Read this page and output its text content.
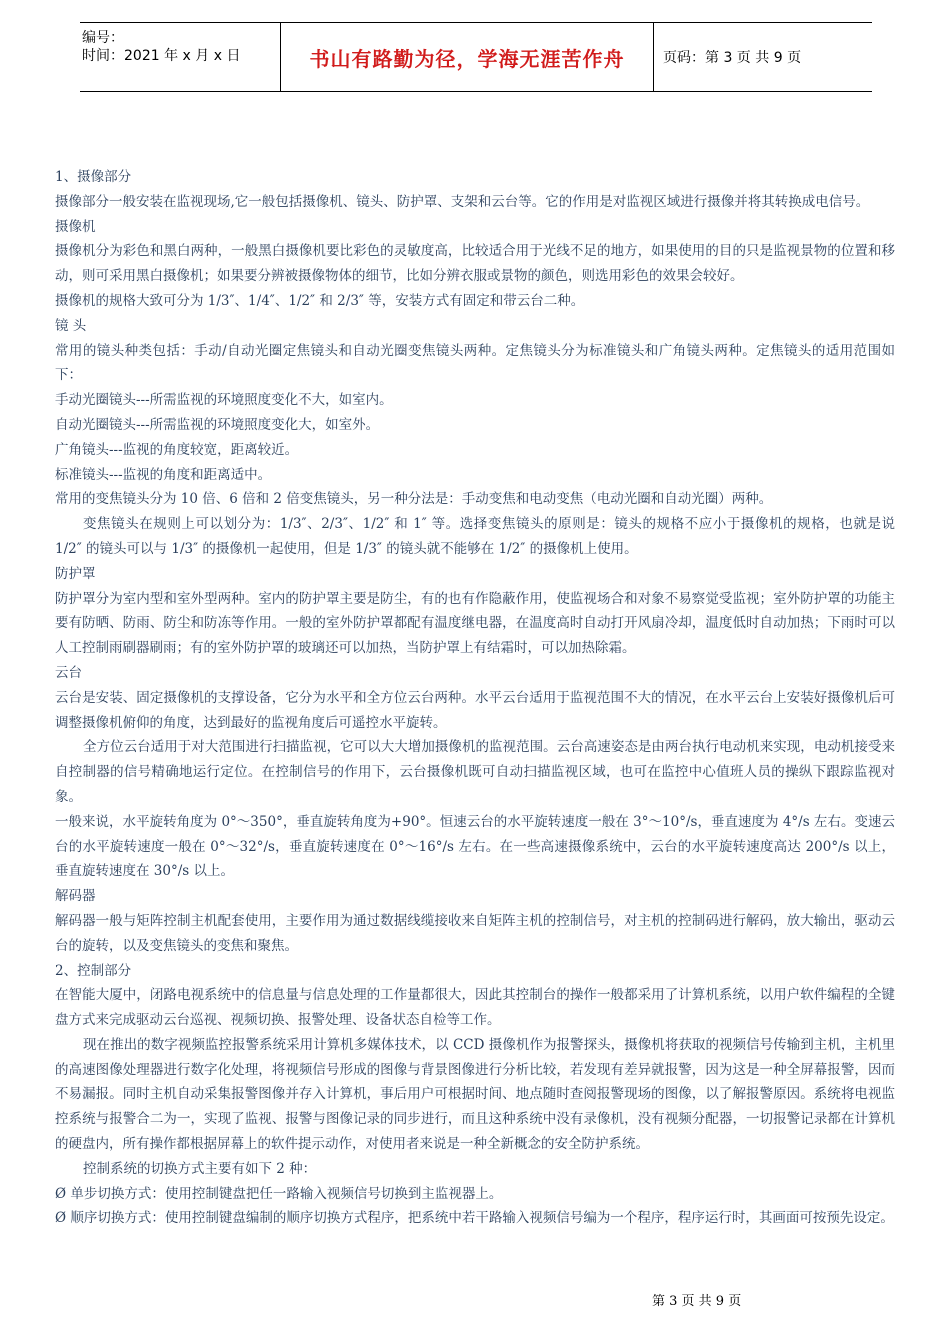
编号：
时间：2021 年 x 月 x 日	书山有路勤为径，学海无涯苦作舟	页码：第 3 页 共 9 页

1、摄像部分

摄像部分一般安装在监视现场,它一般包括摄像机、镜头、防护罩、支架和云台等。它的作用是对监视区域进行摄像并将其转换成电信号。

摄像机

摄像机分为彩色和黑白两种，一般黑白摄像机要比彩色的灵敏度高，比较适合用于光线不足的地方，如果使用的目的只是监视景物的位置和移动，则可采用黑白摄像机；如果要分辨被摄像物体的细节，比如分辨衣服或景物的颜色，则选用彩色的效果会较好。

摄像机的规格大致可分为 1/3″、1/4″、1/2″ 和 2/3″ 等，安装方式有固定和带云台二种。

镜 头

常用的镜头种类包括：手动/自动光圈定焦镜头和自动光圈变焦镜头两种。定焦镜头分为标准镜头和广角镜头两种。定焦镜头的适用范围如下：

手动光圈镜头---所需监视的环境照度变化不大，如室内。

自动光圈镜头---所需监视的环境照度变化大，如室外。

广角镜头---监视的角度较宽，距离较近。

标准镜头---监视的角度和距离适中。

常用的变焦镜头分为 10 倍、6 倍和 2 倍变焦镜头，另一种分法是：手动变焦和电动变焦（电动光圈和自动光圈）两种。

变焦镜头在规则上可以划分为：1/3″、2/3″、1/2″ 和 1″ 等。选择变焦镜头的原则是：镜头的规格不应小于摄像机的规格，也就是说 1/2″ 的镜头可以与 1/3″ 的摄像机一起使用，但是 1/3″ 的镜头就不能够在 1/2″ 的摄像机上使用。

防护罩

防护罩分为室内型和室外型两种。室内的防护罩主要是防尘，有的也有作隐蔽作用，使监视场合和对象不易察觉受监视；室外防护罩的功能主要有防晒、防雨、防尘和防冻等作用。一般的室外防护罩都配有温度继电器，在温度高时自动打开风扇冷却，温度低时自动加热；下雨时可以人工控制雨刷器刷雨；有的室外防护罩的玻璃还可以加热，当防护罩上有结霜时，可以加热除霜。

云台

云台是安装、固定摄像机的支撑设备，它分为水平和全方位云台两种。水平云台适用于监视范围不大的情况，在水平云台上安装好摄像机后可调整摄像机俯仰的角度，达到最好的监视角度后可遥控水平旋转。

全方位云台适用于对大范围进行扫描监视，它可以大大增加摄像机的监视范围。云台高速姿态是由两台执行电动机来实现，电动机接受来自控制器的信号精确地运行定位。在控制信号的作用下，云台摄像机既可自动扫描监视区域，也可在监控中心值班人员的操纵下跟踪监视对象。

一般来说，水平旋转角度为 0°～350°，垂直旋转角度为+90°。恒速云台的水平旋转速度一般在 3°～10°/s，垂直速度为 4°/s 左右。变速云台的水平旋转速度一般在 0°～32°/s，垂直旋转速度在 0°～16°/s 左右。在一些高速摄像系统中，云台的水平旋转速度高达 200°/s 以上，垂直旋转速度在 30°/s 以上。

解码器

解码器一般与矩阵控制主机配套使用，主要作用为通过数据线缆接收来自矩阵主机的控制信号，对主机的控制码进行解码，放大输出，驱动云台的旋转，以及变焦镜头的变焦和聚焦。

2、控制部分

在智能大厦中，闭路电视系统中的信息量与信息处理的工作量都很大，因此其控制台的操作一般都采用了计算机系统，以用户软件编程的全键盘方式来完成驱动云台巡视、视频切换、报警处理、设备状态自检等工作。

现在推出的数字视频监控报警系统采用计算机多媒体技术，以 CCD 摄像机作为报警探头，摄像机将获取的视频信号传输到主机，主机里的高速图像处理器进行数字化处理，将视频信号形成的图像与背景图像进行分析比较，若发现有差异就报警，因为这是一种全屏幕报警，因而不易漏报。同时主机自动采集报警图像并存入计算机，事后用户可根据时间、地点随时查阅报警现场的图像，以了解报警原因。系统将电视监控系统与报警合二为一，实现了监视、报警与图像记录的同步进行，而且这种系统中没有录像机，没有视频分配器，一切报警记录都在计算机的硬盘内，所有操作都根据屏幕上的软件提示动作，对使用者来说是一种全新概念的安全防护系统。

控制系统的切换方式主要有如下 2 种：

Ø 单步切换方式：使用控制键盘把任一路输入视频信号切换到主监视器上。

Ø 顺序切换方式：使用控制键盘编制的顺序切换方式程序，把系统中若干路输入视频信号编为一个程序，程序运行时，其画面可按预先设定。

第 3 页 共 9 页
